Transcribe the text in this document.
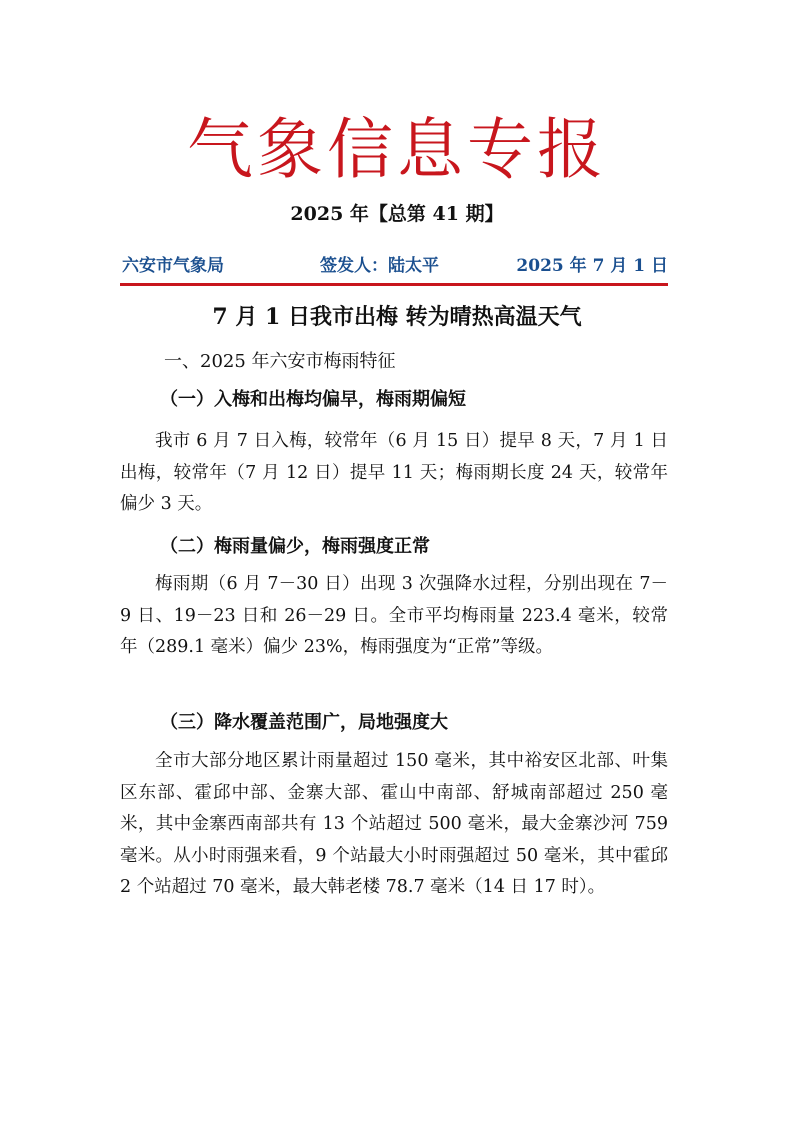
气象信息专报
2025 年【总第 41 期】
六安市气象局	签发人：陆太平	2025 年 7 月 1 日
7 月 1 日我市出梅 转为晴热高温天气
一、2025 年六安市梅雨特征
（一）入梅和出梅均偏早，梅雨期偏短
我市 6 月 7 日入梅，较常年（6 月 15 日）提早 8 天，7 月 1 日出梅，较常年（7 月 12 日）提早 11 天；梅雨期长度 24 天，较常年偏少 3 天。
（二）梅雨量偏少，梅雨强度正常
梅雨期（6 月 7－30 日）出现 3 次强降水过程，分别出现在 7－9 日、19－23 日和 26－29 日。全市平均梅雨量 223.4 毫米，较常年（289.1 毫米）偏少 23%，梅雨强度为“正常”等级。
（三）降水覆盖范围广，局地强度大
全市大部分地区累计雨量超过 150 毫米，其中裕安区北部、叶集区东部、霍邱中部、金寨大部、霍山中南部、舒城南部超过 250 毫米，其中金寨西南部共有 13 个站超过 500 毫米，最大金寨沙河 759 毫米。从小时雨强来看，9 个站最大小时雨强超过 50 毫米，其中霍邱 2 个站超过 70 毫米，最大韩老楼 78.7 毫米（14 日 17 时）。
